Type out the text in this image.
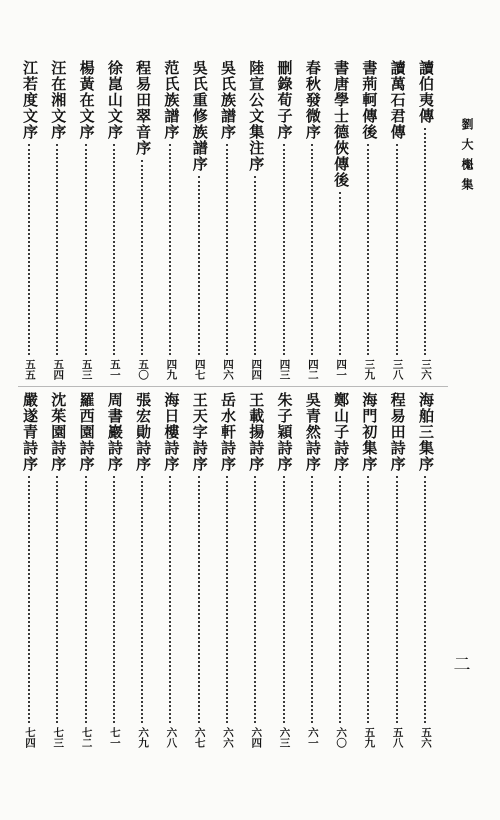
劉大櫆集
讀伯夷傳
三六
讀萬石君傳
三八
書荊軻傳後
三九
書唐學士德俠傳後
四一
春秋發微序
四二
刪錄荀子序
四三
陸宣公文集注序
四四
吳氏族譜序
四六
吳氏重修族譜序
四七
范氏族譜序
四九
程易田翠音序
五〇
徐崑山文序
五一
楊黃在文序
五三
汪在湘文序
五四
江若度文序
五五
海舶三集序
五六
程易田詩序
五八
海門初集序
五九
鄭山子詩序
六〇
吳青然詩序
六一
朱子穎詩序
六三
王載揚詩序
六四
岳水軒詩序
六六
王天字詩序
六七
海日樓詩序
六八
張宏勛詩序
六九
周書巖詩序
七一
羅西園詩序
七二
沈茱園詩序
七三
嚴遂青詩序
七四
二
